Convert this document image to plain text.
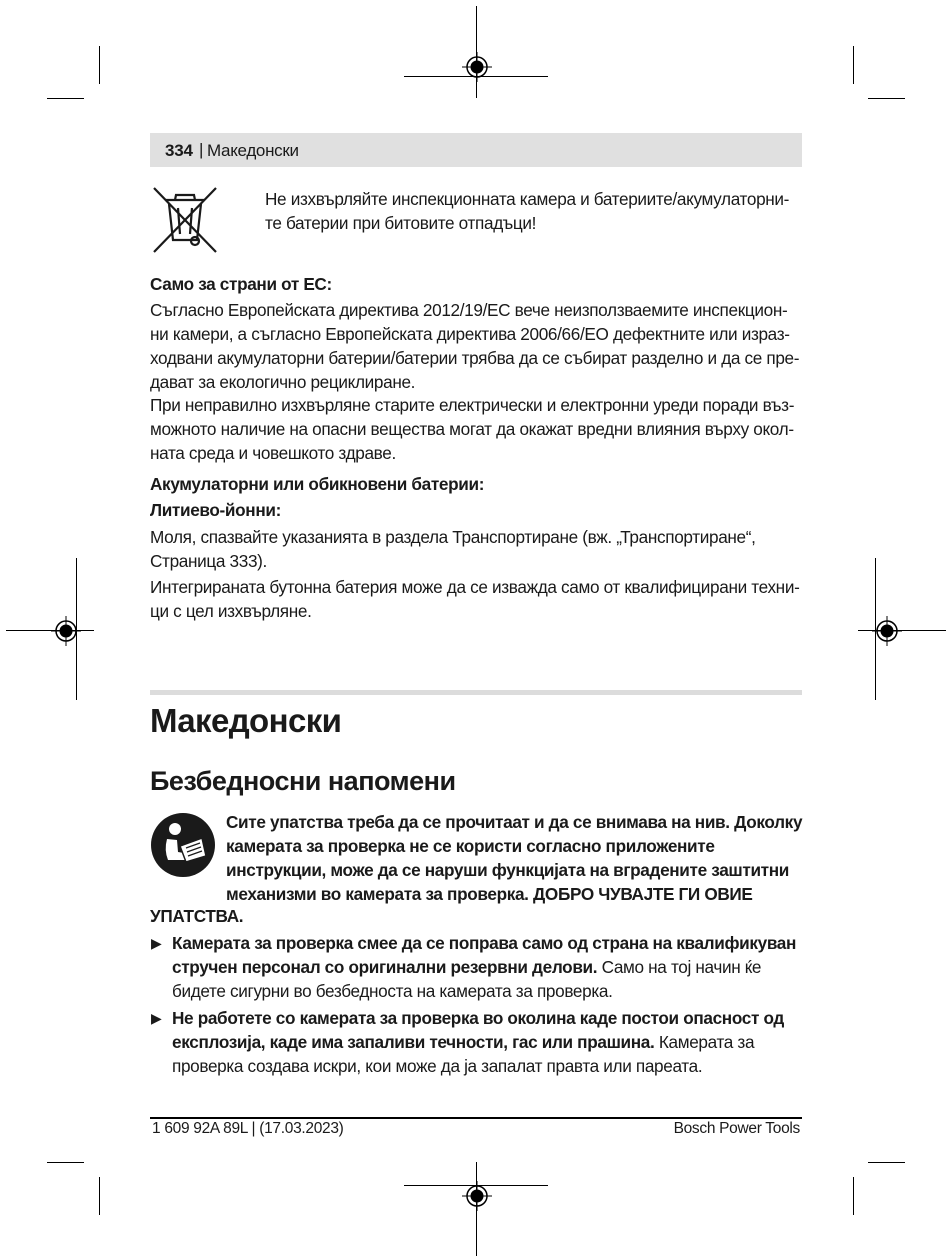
334 | Македонски

Не изхвърляйте инспекционната камера и батериите/акумулаторни-

те батерии при битовите отпадъци!

Само за страни от ЕС:

Съгласно Европейската директива 2012/19/ЕС вече неизползваемите инспекцион-

ни камери, а съгласно Европейската директива 2006/66/ЕО дефектните или израз-

ходвани акумулаторни батерии/батерии трябва да се събират разделно и да се пре-

дават за екологично рециклиране.

При неправилно изхвърляне старите електрически и електронни уреди поради въз-

можното наличие на опасни вещества могат да окажат вредни влияния върху окол-

ната среда и човешкото здраве.

Акумулаторни или обикновени батерии:
Литиево-йонни:

Моля, спазвайте указанията в раздела Транспортиране (вж. „Транспортиране“,

Страница 333).

Интегрираната бутонна батерия може да се изважда само от квалифицирани техни-

ци с цел изхвърляне.

Македонски
Безбедносни напомени

Сите упатства треба да се прочитаат и да се внимава на нив. Доколку

камерата за проверка не се користи согласно приложените

инструкции, може да се наруши функцијата на вградените заштитни

механизми во камерата за проверка. ДОБРО ЧУВАЈТЕ ГИ ОВИЕ

УПАТСТВА.
▶ Камерата за проверка смее да се поправа само од страна на квалификуван

стручен персонал со оригинални резервни делови. Само на тој начин ќе

бидете сигурни во безбедноста на камерата за проверка.

▶ Не работете со камерата за проверка во околина каде постои опасност од

експлозија, каде има запаливи течности, гас или прашина. Камерата за

проверка создава искри, кои може да ја запалат правта или пареата.

1 609 92A 89L | (17.03.2023)	Bosch Power Tools
